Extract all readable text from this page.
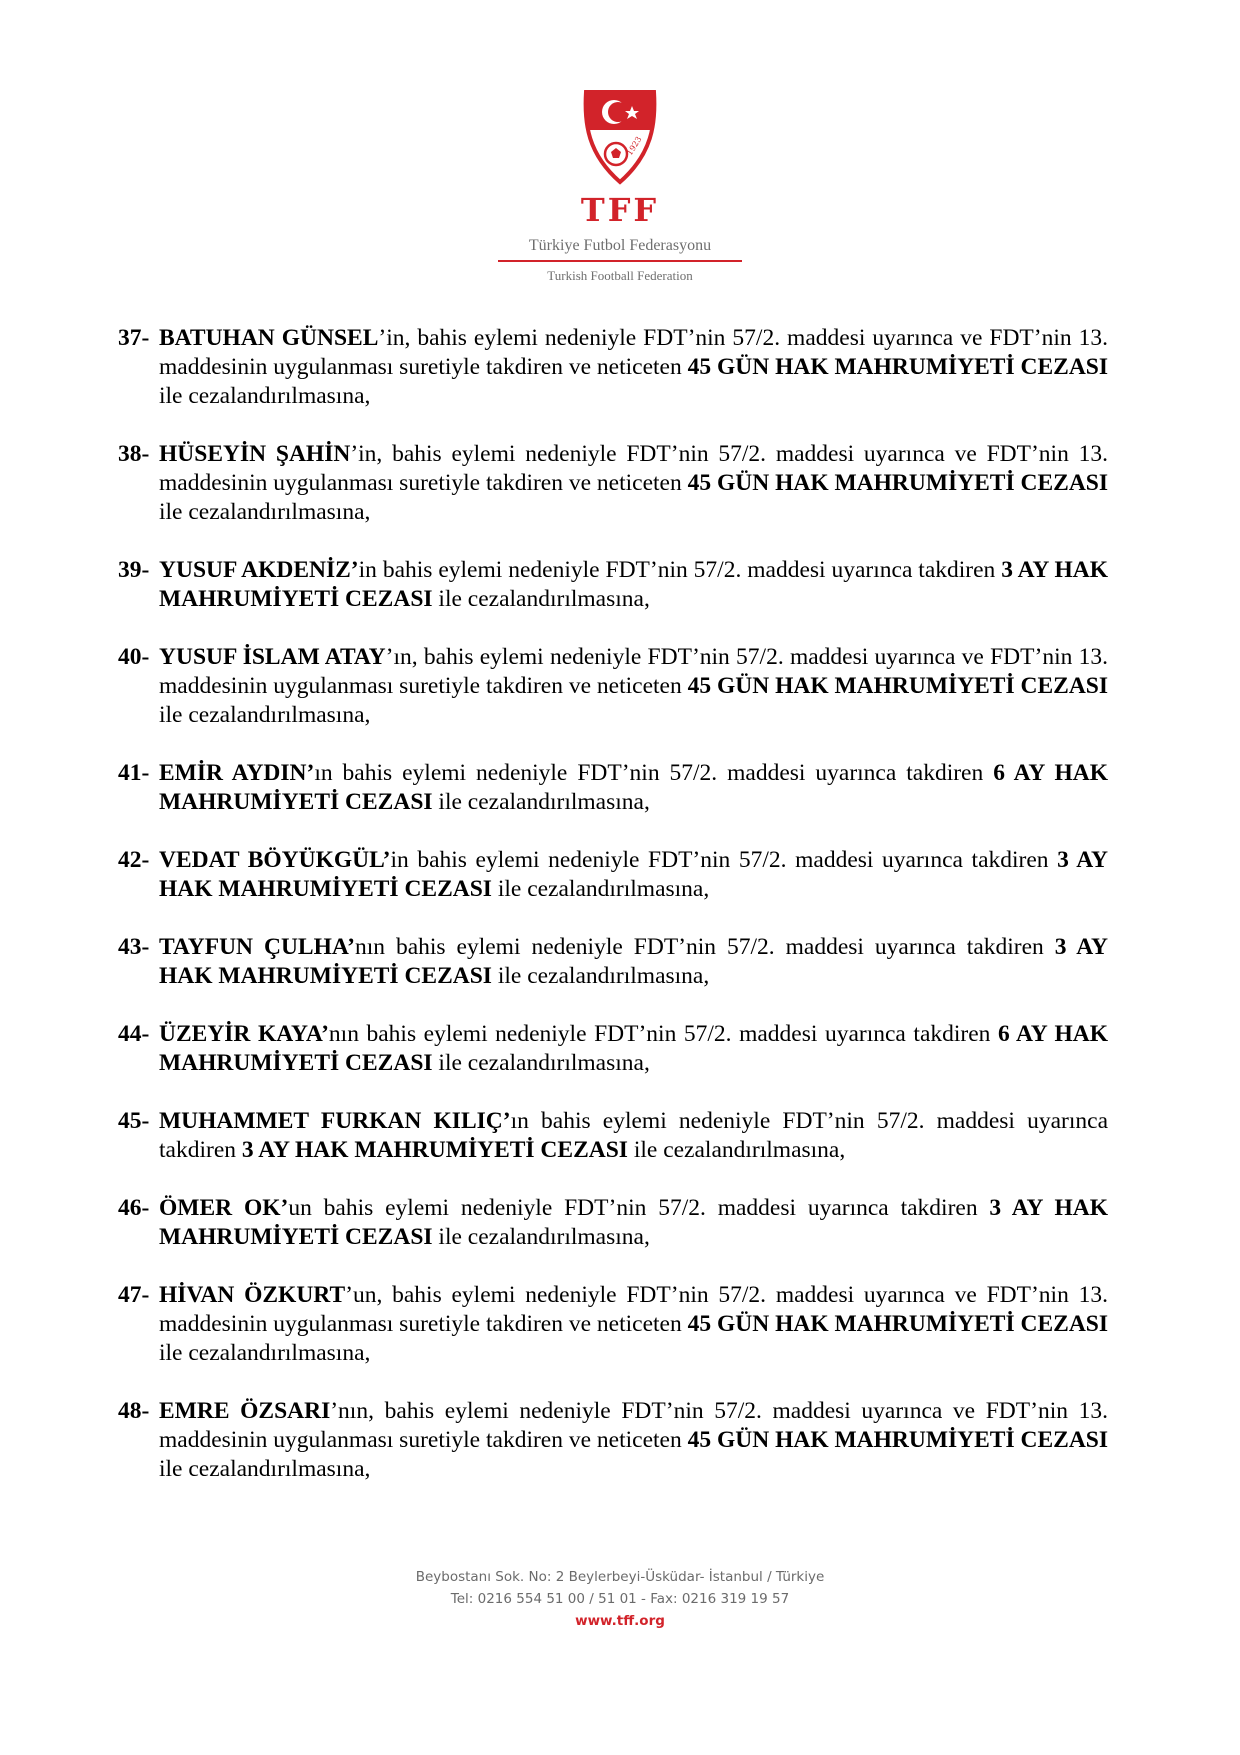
1923
TFF
Türkiye Futbol Federasyonu
Turkish Football Federation
37- BATUHAN GÜNSEL’in, bahis eylemi nedeniyle FDT’nin 57/2. maddesi uyarınca ve FDT’nin 13. maddesinin uygulanması suretiyle takdiren ve neticeten 45 GÜN HAK MAHRUMİYETİ CEZASI ile cezalandırılmasına,
38- HÜSEYİN ŞAHİN’in, bahis eylemi nedeniyle FDT’nin 57/2. maddesi uyarınca ve FDT’nin 13. maddesinin uygulanması suretiyle takdiren ve neticeten 45 GÜN HAK MAHRUMİYETİ CEZASI ile cezalandırılmasına,
39- YUSUF AKDENİZ’in bahis eylemi nedeniyle FDT’nin 57/2. maddesi uyarınca takdiren 3 AY HAK MAHRUMİYETİ CEZASI ile cezalandırılmasına,
40- YUSUF İSLAM ATAY’ın, bahis eylemi nedeniyle FDT’nin 57/2. maddesi uyarınca ve FDT’nin 13. maddesinin uygulanması suretiyle takdiren ve neticeten 45 GÜN HAK MAHRUMİYETİ CEZASI ile cezalandırılmasına,
41- EMİR AYDIN’ın bahis eylemi nedeniyle FDT’nin 57/2. maddesi uyarınca takdiren 6 AY HAK MAHRUMİYETİ CEZASI ile cezalandırılmasına,
42- VEDAT BÖYÜKGÜL’in bahis eylemi nedeniyle FDT’nin 57/2. maddesi uyarınca takdiren 3 AY HAK MAHRUMİYETİ CEZASI ile cezalandırılmasına,
43- TAYFUN ÇULHA’nın bahis eylemi nedeniyle FDT’nin 57/2. maddesi uyarınca takdiren 3 AY HAK MAHRUMİYETİ CEZASI ile cezalandırılmasına,
44- ÜZEYİR KAYA’nın bahis eylemi nedeniyle FDT’nin 57/2. maddesi uyarınca takdiren 6 AY HAK MAHRUMİYETİ CEZASI ile cezalandırılmasına,
45- MUHAMMET FURKAN KILIÇ’ın bahis eylemi nedeniyle FDT’nin 57/2. maddesi uyarınca takdiren 3 AY HAK MAHRUMİYETİ CEZASI ile cezalandırılmasına,
46- ÖMER OK’un bahis eylemi nedeniyle FDT’nin 57/2. maddesi uyarınca takdiren 3 AY HAK MAHRUMİYETİ CEZASI ile cezalandırılmasına,
47- HİVAN ÖZKURT’un, bahis eylemi nedeniyle FDT’nin 57/2. maddesi uyarınca ve FDT’nin 13. maddesinin uygulanması suretiyle takdiren ve neticeten 45 GÜN HAK MAHRUMİYETİ CEZASI ile cezalandırılmasına,
48- EMRE ÖZSARI’nın, bahis eylemi nedeniyle FDT’nin 57/2. maddesi uyarınca ve FDT’nin 13. maddesinin uygulanması suretiyle takdiren ve neticeten 45 GÜN HAK MAHRUMİYETİ CEZASI ile cezalandırılmasına,
Beybostanı Sok. No: 2 Beylerbeyi-Üsküdar- İstanbul / Türkiye
Tel: 0216 554 51 00 / 51 01 - Fax: 0216 319 19 57
www.tff.org
